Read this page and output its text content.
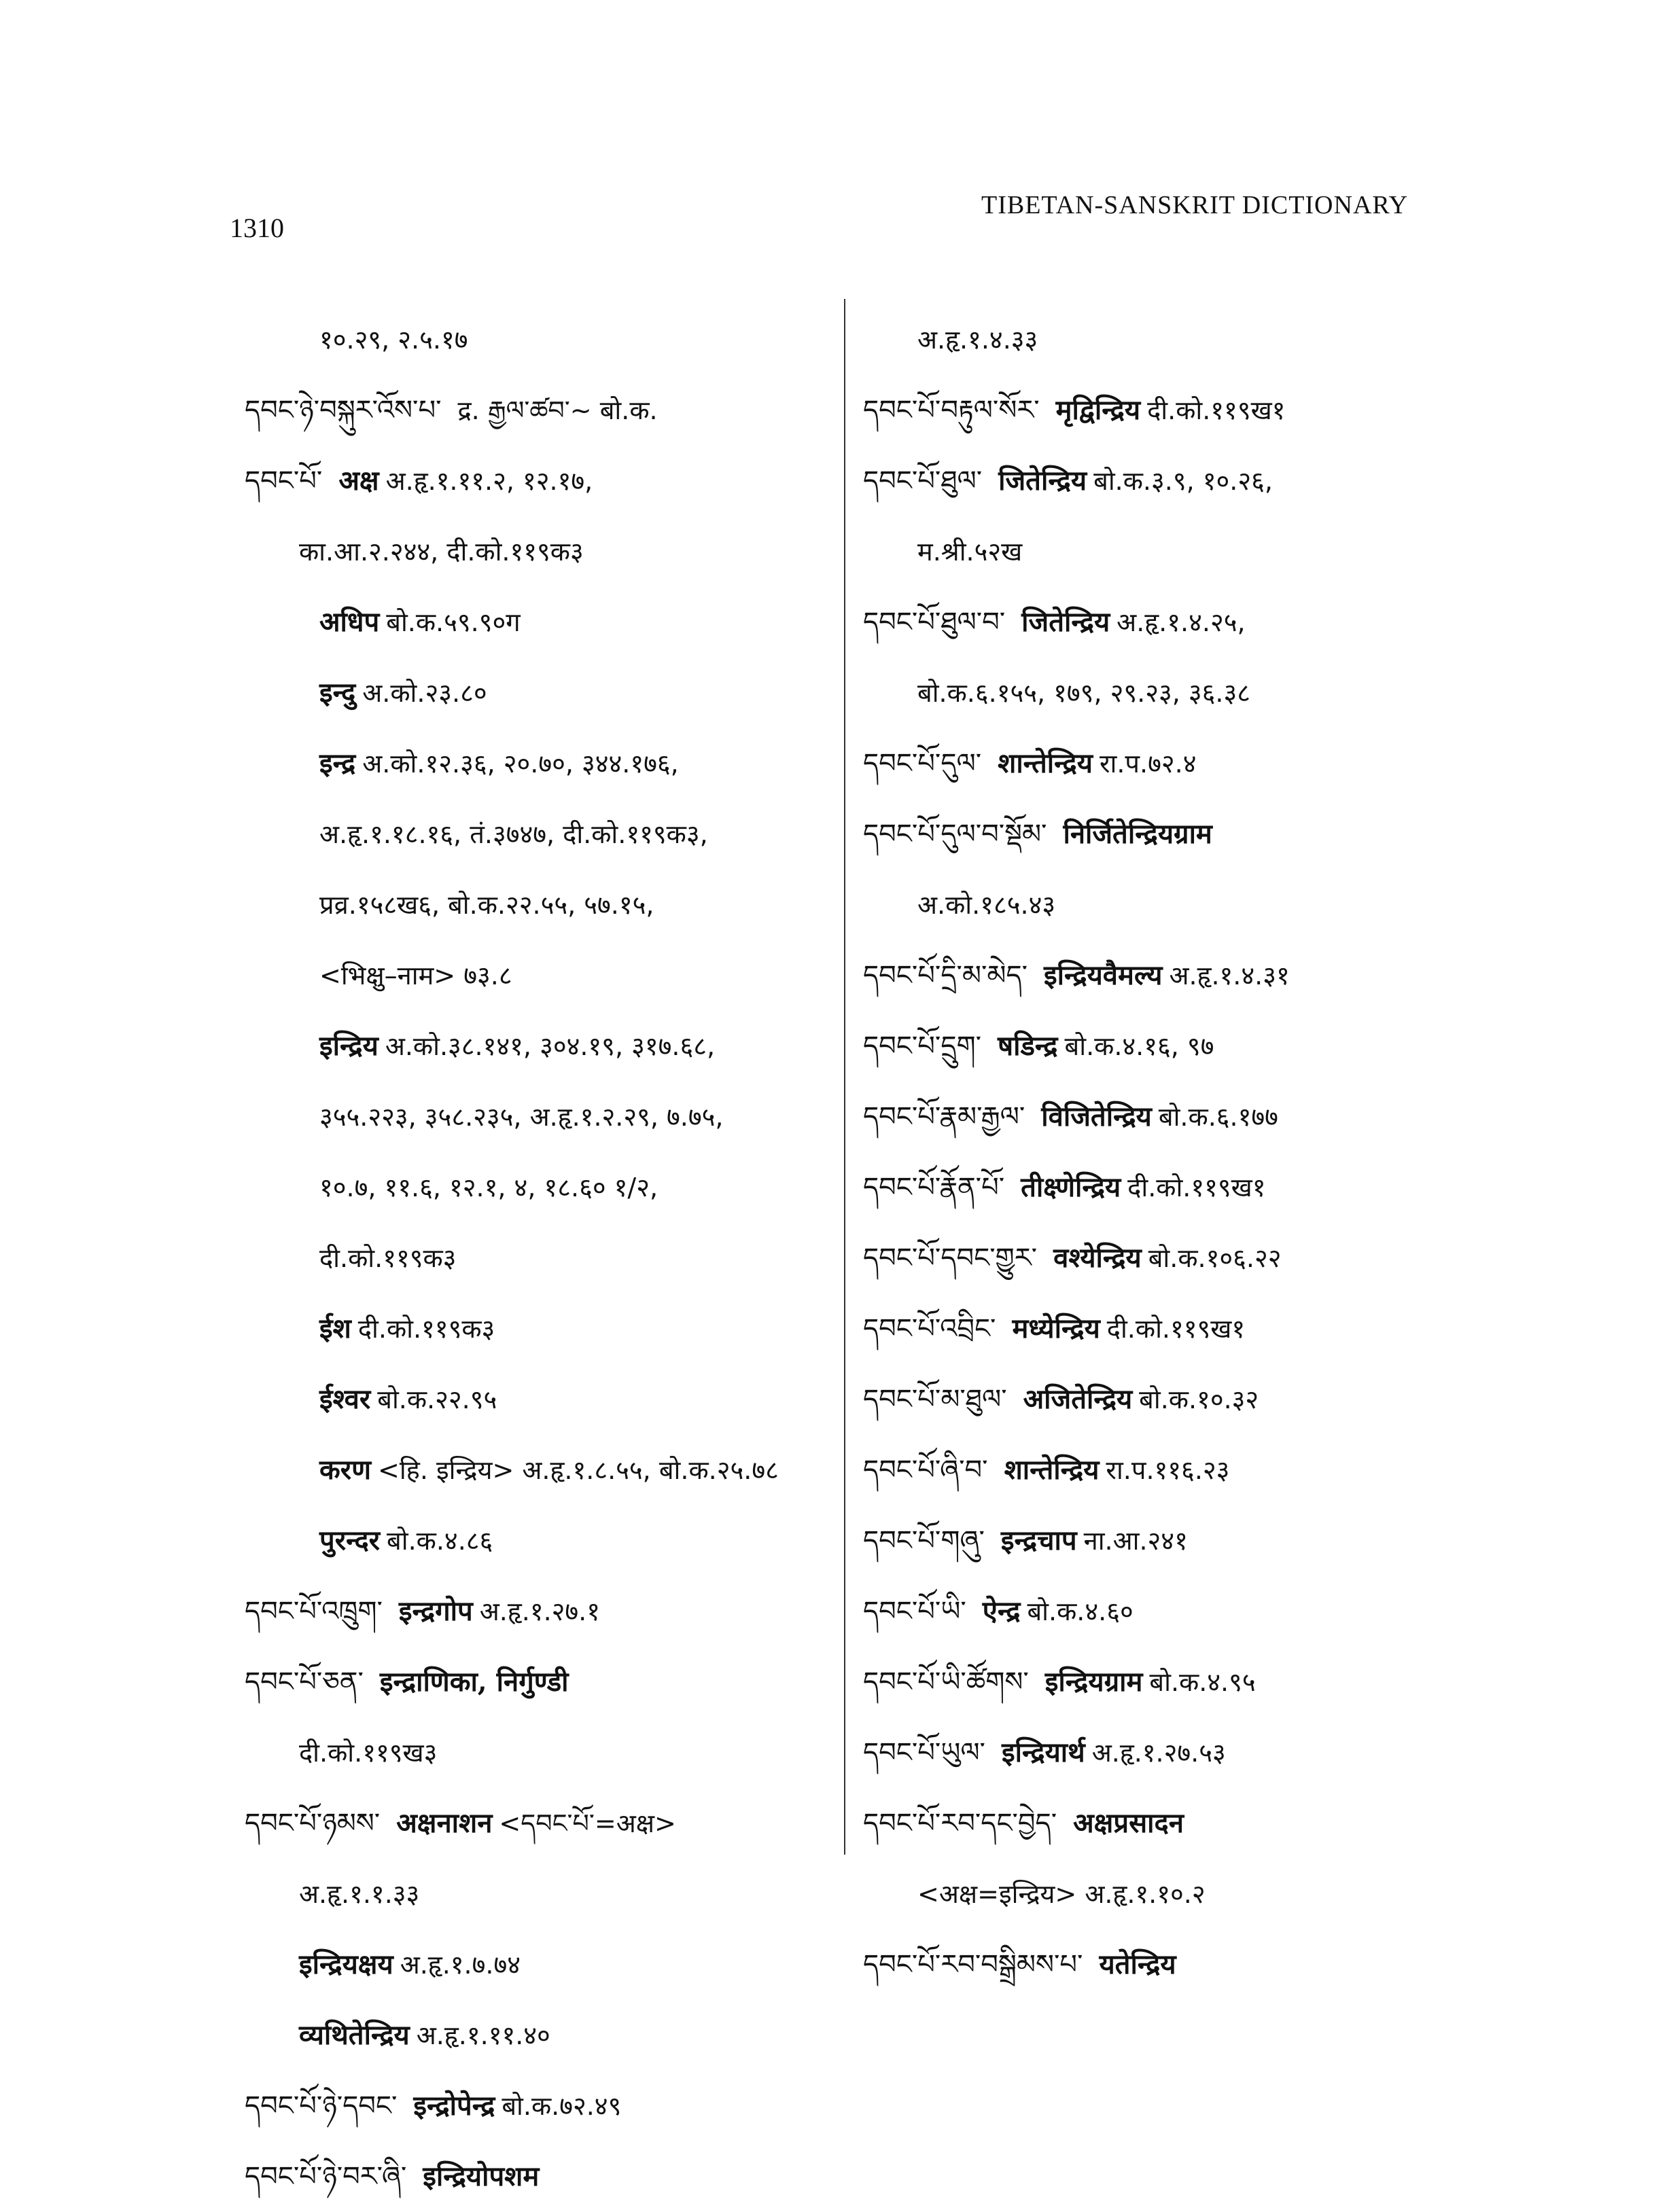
1310
TIBETAN-SANSKRIT DICTIONARY
१०.२९, २.५.१७
དབང་ཉེ་བསྐུར་འོས་པ་ द्र. རྒྱལ་ཚབ་~ बो.क.
དབང་པོ་ अक्ष अ.हृ.१.११.२, १२.१७,
का.आ.२.२४४, दी.को.११९क३
अधिप बो.क.५९.९०ग
इन्दु अ.को.२३.८०
इन्द्र अ.को.१२.३६, २०.७०, ३४४.१७६,
अ.हृ.१.१८.१६, तं.३७४७, दी.को.११९क३,
प्रव्र.१५८ख६, बो.क.२२.५५, ५७.१५,
<भिक्षु–नाम> ७३.८
इन्द्रिय अ.को.३८.१४१, ३०४.१९, ३१७.६८,
३५५.२२३, ३५८.२३५, अ.हृ.१.२.२९, ७.७५,
१०.७, ११.६, १२.१, ४, १८.६० १/२,
दी.को.११९क३
ईश दी.को.११९क३
ईश्वर बो.क.२२.९५
करण <हि. इन्द्रिय> अ.हृ.१.८.५५, बो.क.२५.७८
पुरन्दर बो.क.४.८६
དབང་པོ་འཁྲུག་ इन्द्रगोप अ.हृ.१.२७.१
དབང་པོ་ཅན་ इन्द्राणिका, निर्गुण्डी
दी.को.११९ख३
དབང་པོ་ཉམས་ अक्षनाशन <དབང་པོ་=अक्ष>
अ.हृ.१.१.३३
इन्द्रियक्षय अ.हृ.१.७.७४
व्यथितेन्द्रिय अ.हृ.१.११.४०
དབང་པོ་ཉེ་དབང་ इन्द्रोपेन्द्र बो.क.७२.४९
དབང་པོ་ཉེ་བར་ཞི་ इन्द्रियोपशम
अ.हृ.१.४.३३
དབང་པོ་བརྟུལ་སོར་ मृद्विन्द्रिय दी.को.११९ख१
དབང་པོ་ཐུལ་ जितेन्द्रिय बो.क.३.९, १०.२६,
म.श्री.५२ख
དབང་པོ་ཐུལ་བ་ जितेन्द्रिय अ.हृ.१.४.२५,
बो.क.६.१५५, १७९, २९.२३, ३६.३८
དབང་པོ་དུལ་ शान्तेन्द्रिय रा.प.७२.४
དབང་པོ་དུལ་བ་སྡོམ་ निर्जितेन्द्रियग्राम
अ.को.१८५.४३
དབང་པོ་དྲི་མ་མེད་ इन्द्रियवैमल्य अ.हृ.१.४.३१
དབང་པོ་དྲུག་ षडिन्द्र बो.क.४.१६, ९७
དབང་པོ་རྣམ་རྒྱལ་ विजितेन्द्रिय बो.क.६.१७७
དབང་པོ་རྣོན་པོ་ तीक्ष्णेन्द्रिय दी.को.११९ख१
དབང་པོ་དབང་གྱུར་ वश्येन्द्रिय बो.क.१०६.२२
དབང་པོ་འབྲིང་ मध्येन्द्रिय दी.को.११९ख१
དབང་པོ་མ་ཐུལ་ अजितेन्द्रिय बो.क.१०.३२
དབང་པོ་ཞི་བ་ शान्तेन्द्रिय रा.प.११६.२३
དབང་པོ་གཞུ་ इन्द्रचाप ना.आ.२४१
དབང་པོ་ཡི་ ऐन्द्र बो.क.४.६०
དབང་པོ་ཡི་ཚོགས་ इन्द्रियग्राम बो.क.४.९५
དབང་པོ་ཡུལ་ इन्द्रियार्थ अ.हृ.१.२७.५३
དབང་པོ་རབ་དང་བྱེད་ अक्षप्रसादन
<अक्ष=इन्द्रिय> अ.हृ.१.१०.२
དབང་པོ་རབ་བསྒྲིམས་པ་ यतेन्द्रिय
